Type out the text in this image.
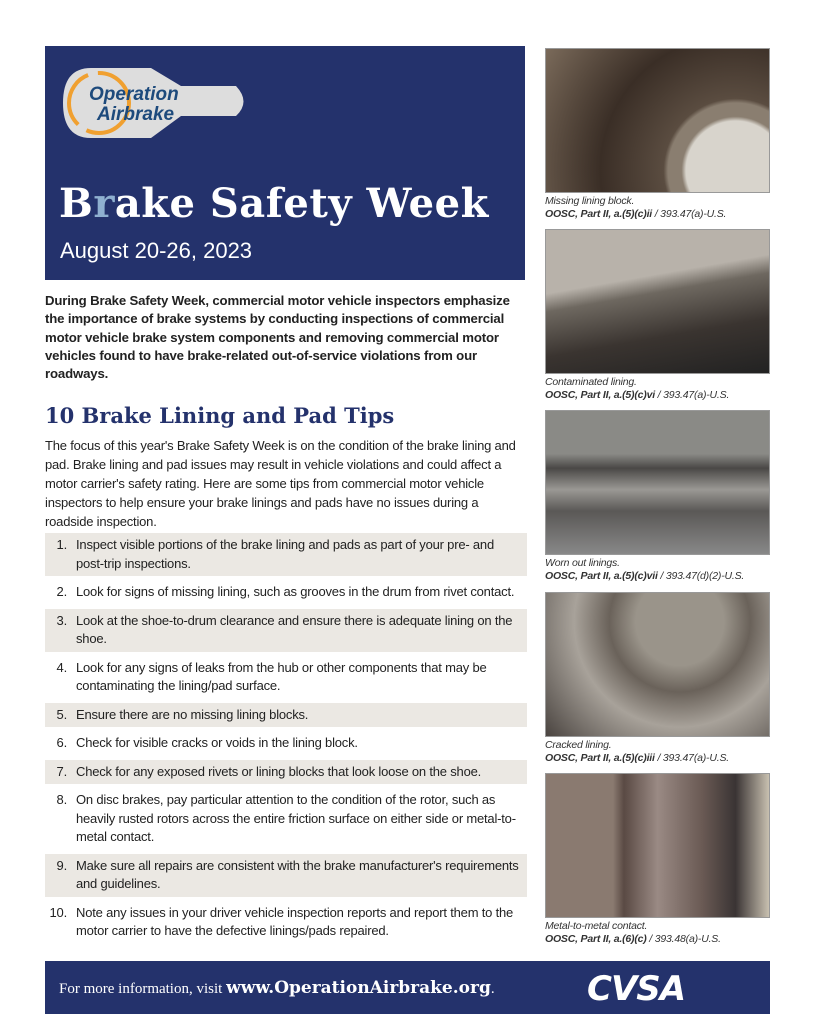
Operation
Airbrake
Brake Safety Week
August 20-26, 2023

During Brake Safety Week, commercial motor vehicle inspectors emphasize the importance of brake systems by conducting inspections of commercial motor vehicle brake system components and removing commercial motor vehicles found to have brake-related out-of-service violations from our roadways.

10 Brake Lining and Pad Tips

The focus of this year's Brake Safety Week is on the condition of the brake lining and pad. Brake lining and pad issues may result in vehicle violations and could affect a motor carrier's safety rating. Here are some tips from commercial motor vehicle inspectors to help ensure your brake linings and pads have no issues during a roadside inspection.

1. Inspect visible portions of the brake lining and pads as part of your pre- and post-trip inspections.
2. Look for signs of missing lining, such as grooves in the drum from rivet contact.
3. Look at the shoe-to-drum clearance and ensure there is adequate lining on the shoe.
4. Look for any signs of leaks from the hub or other components that may be contaminating the lining/pad surface.
5. Ensure there are no missing lining blocks.
6. Check for visible cracks or voids in the lining block.
7. Check for any exposed rivets or lining blocks that look loose on the shoe.
8. On disc brakes, pay particular attention to the condition of the rotor, such as heavily rusted rotors across the entire friction surface on either side or metal-to-metal contact.
9. Make sure all repairs are consistent with the brake manufacturer's requirements and guidelines.
10. Note any issues in your driver vehicle inspection reports and report them to the motor carrier to have the defective linings/pads repaired.
Missing lining block.
OOSC, Part II, a.(5)(c)ii / 393.47(a)-U.S.
Contaminated lining.
OOSC, Part II, a.(5)(c)vi / 393.47(a)-U.S.
Worn out linings.
OOSC, Part II, a.(5)(c)vii / 393.47(d)(2)-U.S.
Cracked lining.
OOSC, Part II, a.(5)(c)iii / 393.47(a)-U.S.
Metal-to-metal contact.
OOSC, Part II, a.(6)(c) / 393.48(a)-U.S.
For more information, visit www.OperationAirbrake.org.	CVSA
